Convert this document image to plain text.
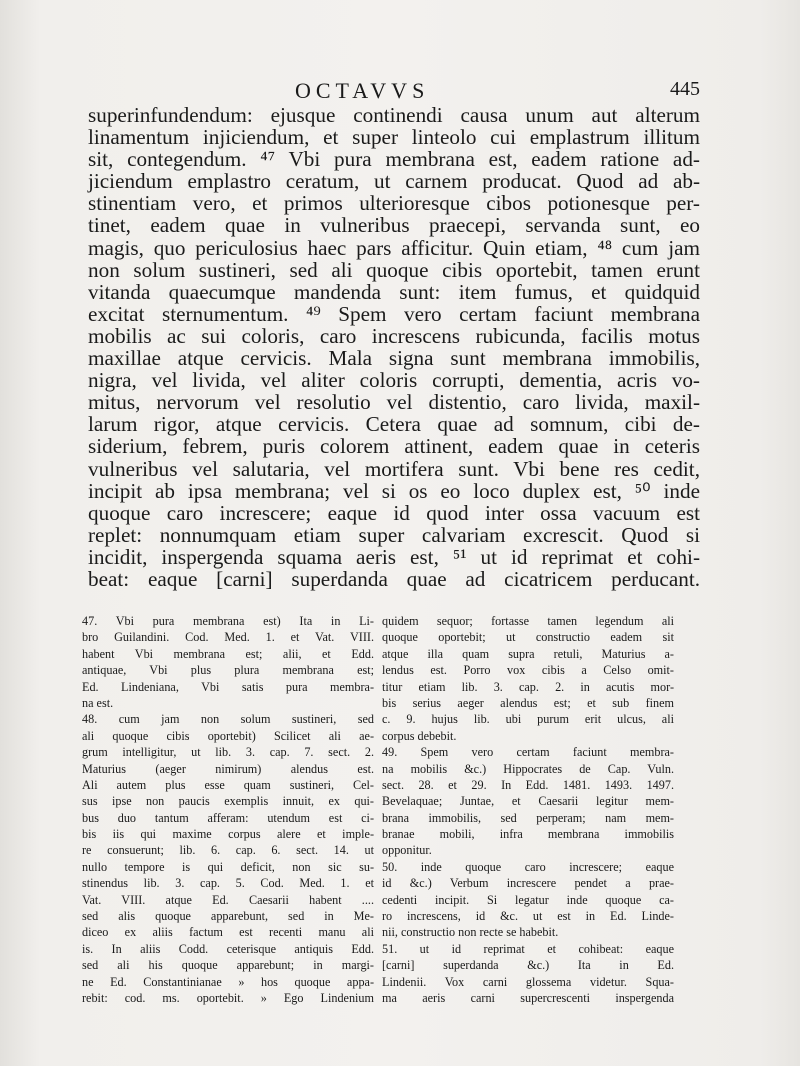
OCTAVVS	445
superinfundendum: ejusque continendi causa unum aut alterum
linamentum injiciendum, et super linteolo cui emplastrum illitum
sit, contegendum. ⁴⁷ Vbi pura membrana est, eadem ratione ad-
jiciendum emplastro ceratum, ut carnem producat. Quod ad ab-
stinentiam vero, et primos ulterioresque cibos potionesque per-
tinet, eadem quae in vulneribus praecepi, servanda sunt, eo
magis, quo periculosius haec pars afficitur. Quin etiam, ⁴⁸ cum jam
non solum sustineri, sed ali quoque cibis oportebit, tamen erunt
vitanda quaecumque mandenda sunt: item fumus, et quidquid
excitat sternumentum. ⁴⁹ Spem vero certam faciunt membrana
mobilis ac sui coloris, caro increscens rubicunda, facilis motus
maxillae atque cervicis. Mala signa sunt membrana immobilis,
nigra, vel livida, vel aliter coloris corrupti, dementia, acris vo-
mitus, nervorum vel resolutio vel distentio, caro livida, maxil-
larum rigor, atque cervicis. Cetera quae ad somnum, cibi de-
siderium, febrem, puris colorem attinent, eadem quae in ceteris
vulneribus vel salutaria, vel mortifera sunt. Vbi bene res cedit,
incipit ab ipsa membrana; vel si os eo loco duplex est, ⁵⁰ inde
quoque caro increscere; eaque id quod inter ossa vacuum est
replet: nonnumquam etiam super calvariam excrescit. Quod si
incidit, inspergenda squama aeris est, ⁵¹ ut id reprimat et cohi-
beat: eaque [carni] superdanda quae ad cicatricem perducant.
47. Vbi pura membrana est) Ita in Li-
bro Guilandini. Cod. Med. 1. et Vat. VIII.
habent Vbi membrana est; alii, et Edd.
antiquae, Vbi plus plura membrana est;
Ed. Lindeniana, Vbi satis pura membra-
na est.
48. cum jam non solum sustineri, sed
ali quoque cibis oportebit) Scilicet ali ae-
grum intelligitur, ut lib. 3. cap. 7. sect. 2.
Maturius (aeger nimirum) alendus est.
Ali autem plus esse quam sustineri, Cel-
sus ipse non paucis exemplis innuit, ex qui-
bus duo tantum afferam: utendum est ci-
bis iis qui maxime corpus alere et imple-
re consuerunt; lib. 6. cap. 6. sect. 14. ut
nullo tempore is qui deficit, non sic su-
stinendus lib. 3. cap. 5. Cod. Med. 1. et
Vat. VIII. atque Ed. Caesarii habent ....
sed alis quoque apparebunt, sed in Me-
diceo ex aliis factum est recenti manu ali
is. In aliis Codd. ceterisque antiquis Edd.
sed ali his quoque apparebunt; in margi-
ne Ed. Constantinianae » hos quoque appa-
rebit: cod. ms. oportebit. » Ego Lindenium
quidem sequor; fortasse tamen legendum ali
quoque oportebit; ut constructio eadem sit
atque illa quam supra retuli, Maturius a-
lendus est. Porro vox cibis a Celso omit-
titur etiam lib. 3. cap. 2. in acutis mor-
bis serius aeger alendus est; et sub finem
c. 9. hujus lib. ubi purum erit ulcus, ali
corpus debebit.
49. Spem vero certam faciunt membra-
na mobilis &c.) Hippocrates de Cap. Vuln.
sect. 28. et 29. In Edd. 1481. 1493. 1497.
Bevelaquae; Juntae, et Caesarii legitur mem-
brana immobilis, sed perperam; nam mem-
branae mobili, infra membrana immobilis
opponitur.
50. inde quoque caro increscere; eaque
id &c.) Verbum increscere pendet a prae-
cedenti incipit. Si legatur inde quoque ca-
ro increscens, id &c. ut est in Ed. Linde-
nii, constructio non recte se habebit.
51. ut id reprimat et cohibeat: eaque
[carni] superdanda &c.) Ita in Ed.
Lindenii. Vox carni glossema videtur. Squa-
ma aeris carni supercrescenti inspergenda
